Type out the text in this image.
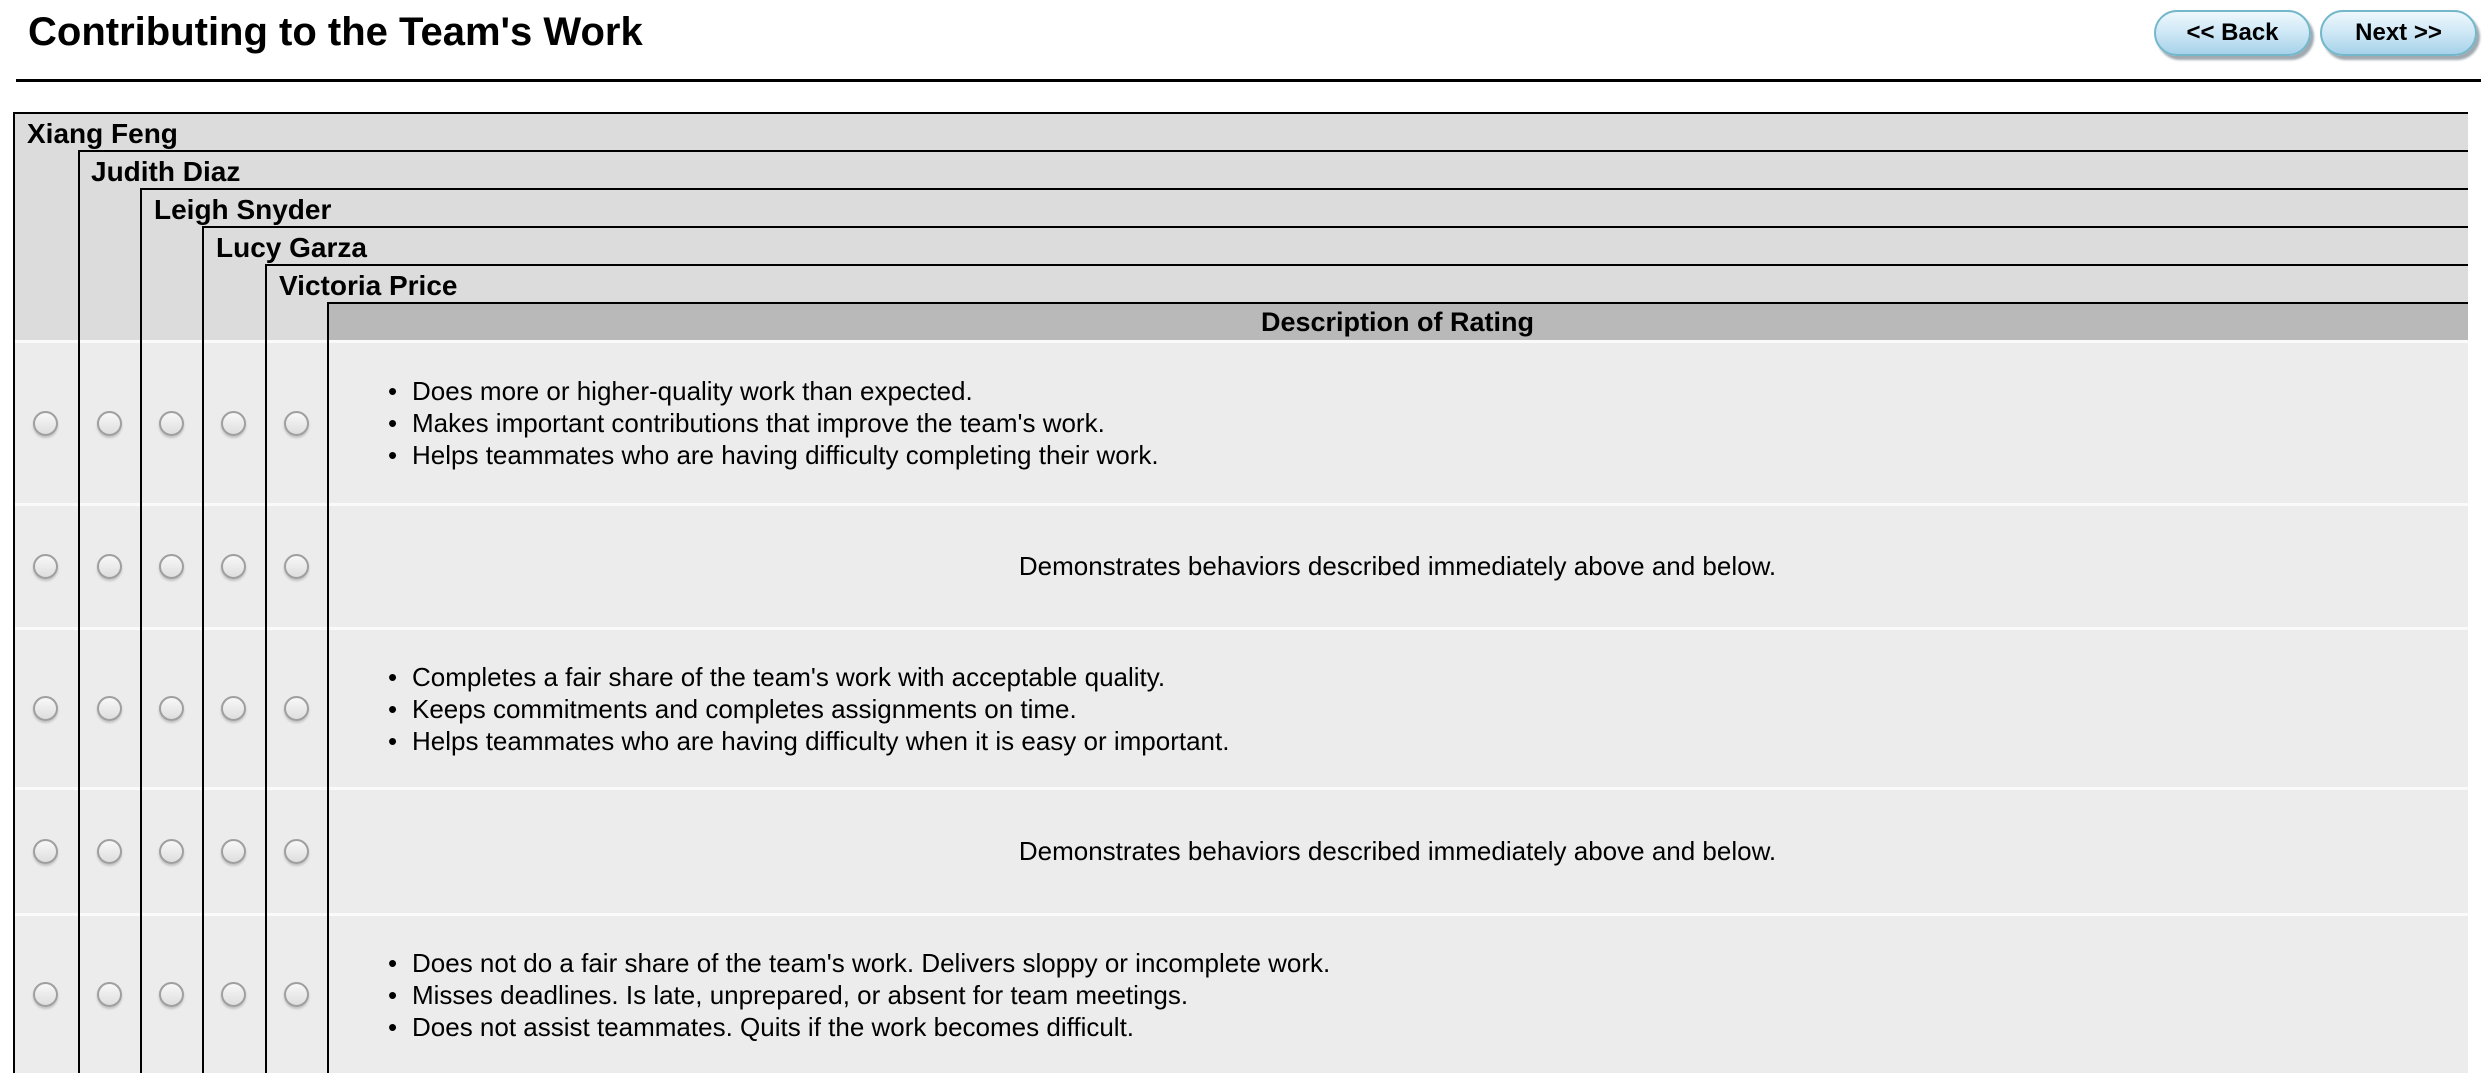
Contributing to the Team's Work	<< Back	Next >>
Xiang Feng
Judith Diaz
Leigh Snyder
Lucy Garza
Victoria Price
Description of Rating
• Does more or higher-quality work than expected.
• Makes important contributions that improve the team's work.
• Helps teammates who are having difficulty completing their work.
Demonstrates behaviors described immediately above and below.
• Completes a fair share of the team's work with acceptable quality.
• Keeps commitments and completes assignments on time.
• Helps teammates who are having difficulty when it is easy or important.
Demonstrates behaviors described immediately above and below.
• Does not do a fair share of the team's work. Delivers sloppy or incomplete work.
• Misses deadlines. Is late, unprepared, or absent for team meetings.
• Does not assist teammates. Quits if the work becomes difficult.
